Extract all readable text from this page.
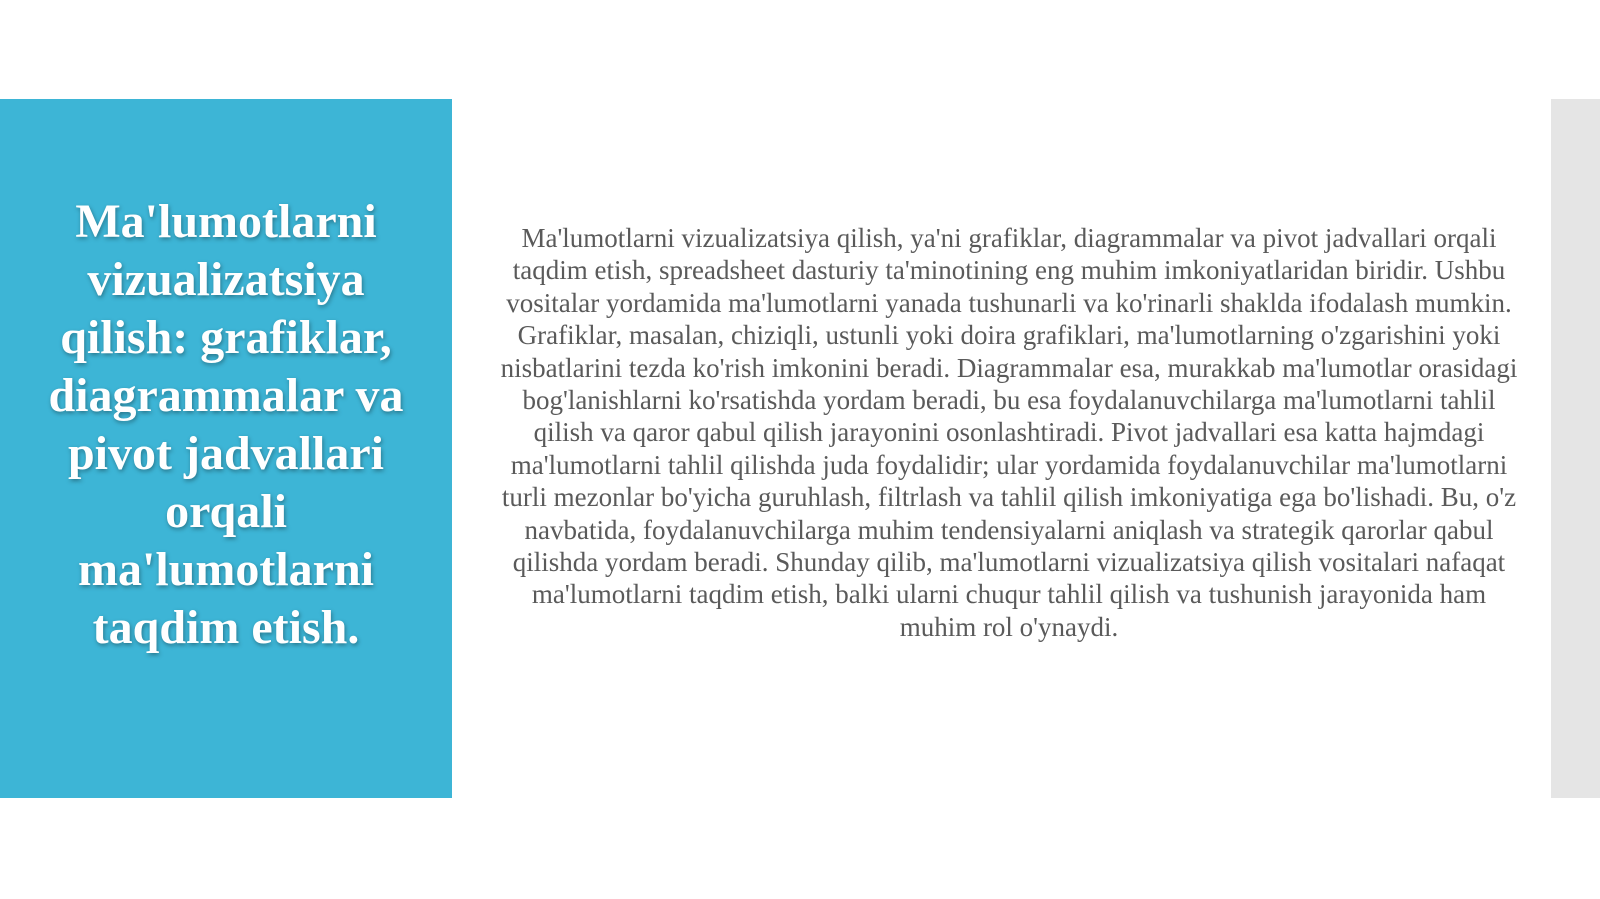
Ma'lumotlarni vizualizatsiya qilish: grafiklar, diagrammalar va pivot jadvallari orqali ma'lumotlarni taqdim etish.

Ma'lumotlarni vizualizatsiya qilish, ya'ni grafiklar, diagrammalar va pivot jadvallari orqali taqdim etish, spreadsheet dasturiy ta'minotining eng muhim imkoniyatlaridan biridir. Ushbu vositalar yordamida ma'lumotlarni yanada tushunarli va ko'rinarli shaklda ifodalash mumkin. Grafiklar, masalan, chiziqli, ustunli yoki doira grafiklari, ma'lumotlarning o'zgarishini yoki nisbatlarini tezda ko'rish imkonini beradi. Diagrammalar esa, murakkab ma'lumotlar orasidagi bog'lanishlarni ko'rsatishda yordam beradi, bu esa foydalanuvchilarga ma'lumotlarni tahlil qilish va qaror qabul qilish jarayonini osonlashtiradi. Pivot jadvallari esa katta hajmdagi ma'lumotlarni tahlil qilishda juda foydalidir; ular yordamida foydalanuvchilar ma'lumotlarni turli mezonlar bo'yicha guruhlash, filtrlash va tahlil qilish imkoniyatiga ega bo'lishadi. Bu, o'z navbatida, foydalanuvchilarga muhim tendensiyalarni aniqlash va strategik qarorlar qabul qilishda yordam beradi. Shunday qilib, ma'lumotlarni vizualizatsiya qilish vositalari nafaqat ma'lumotlarni taqdim etish, balki ularni chuqur tahlil qilish va tushunish jarayonida ham muhim rol o'ynaydi.
